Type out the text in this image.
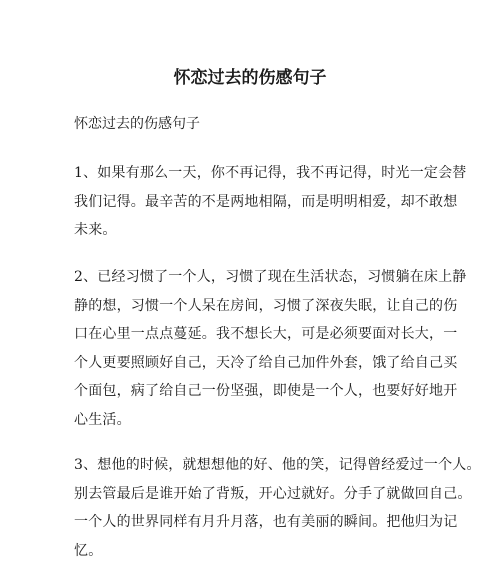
怀恋过去的伤感句子

怀恋过去的伤感句子

1、如果有那么一天，你不再记得，我不再记得，时光一定会替
我们记得。最辛苦的不是两地相隔，而是明明相爱，却不敢想
未来。
2、已经习惯了一个人，习惯了现在生活状态，习惯躺在床上静
静的想，习惯一个人呆在房间，习惯了深夜失眠，让自己的伤
口在心里一点点蔓延。我不想长大，可是必须要面对长大，一
个人更要照顾好自己，天冷了给自己加件外套，饿了给自己买
个面包，病了给自己一份坚强，即使是一个人，也要好好地开
心生活。
3、想他的时候，就想想他的好、他的笑，记得曾经爱过一个人。
别去管最后是谁开始了背叛，开心过就好。分手了就做回自己。
一个人的世界同样有月升月落，也有美丽的瞬间。把他归为记
忆。
